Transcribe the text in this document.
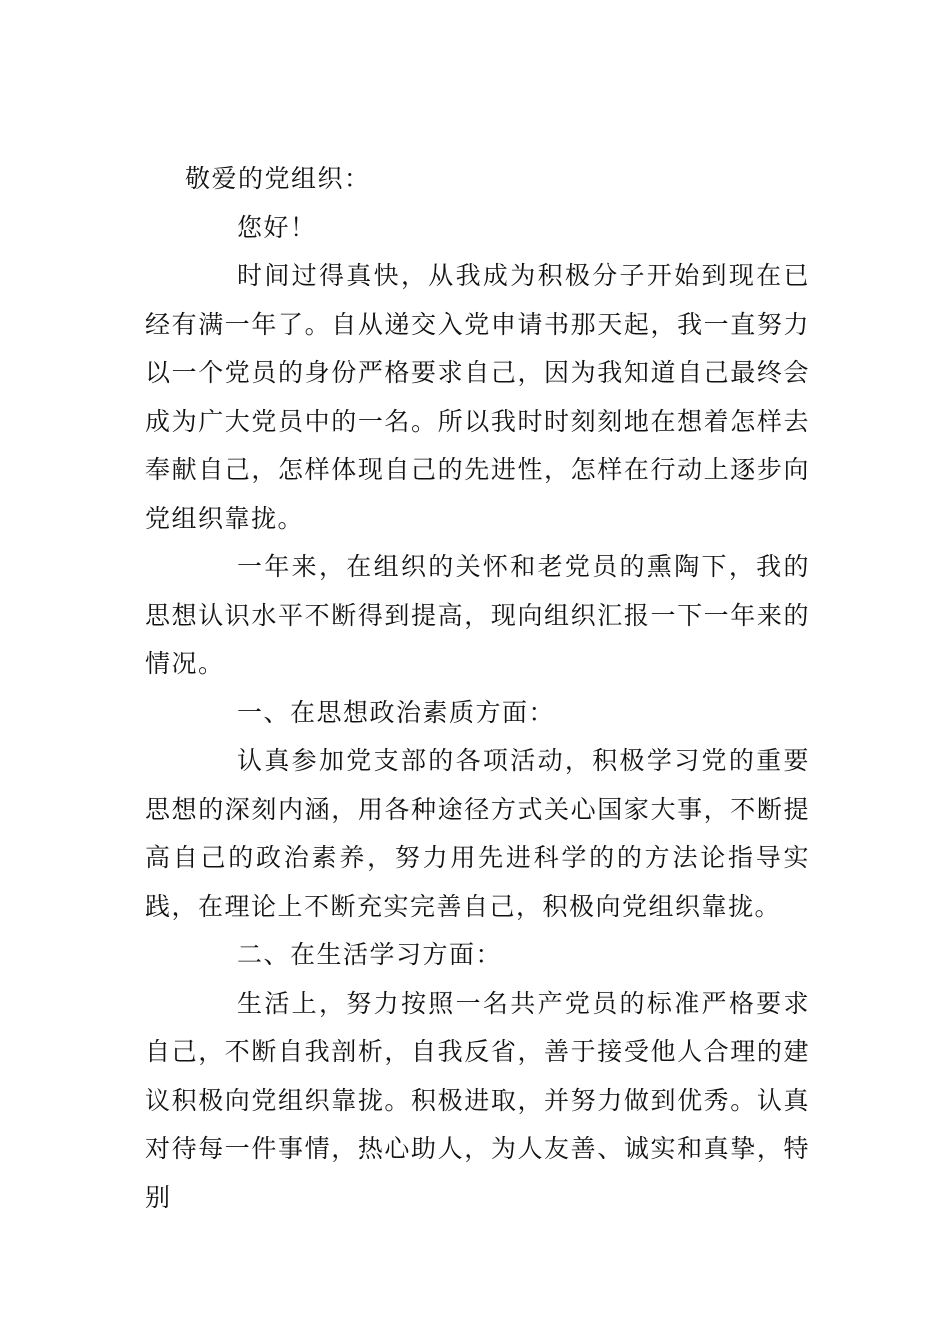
敬爱的党组织：

您好！

时间过得真快，从我成为积极分子开始到现在已经有满一年了。自从递交入党申请书那天起，我一直努力以一个党员的身份严格要求自己，因为我知道自己最终会成为广大党员中的一名。所以我时时刻刻地在想着怎样去奉献自己，怎样体现自己的先进性，怎样在行动上逐步向党组织靠拢。

一年来，在组织的关怀和老党员的熏陶下，我的思想认识水平不断得到提高，现向组织汇报一下一年来的情况。

一、在思想政治素质方面：

认真参加党支部的各项活动，积极学习党的重要思想的深刻内涵，用各种途径方式关心国家大事，不断提高自己的政治素养，努力用先进科学的的方法论指导实践，在理论上不断充实完善自己，积极向党组织靠拢。

二、在生活学习方面：

生活上，努力按照一名共产党员的标准严格要求自己，不断自我剖析，自我反省，善于接受他人合理的建议积极向党组织靠拢。积极进取，并努力做到优秀。认真对待每一件事情，热心助人，为人友善、诚实和真挚，特别
